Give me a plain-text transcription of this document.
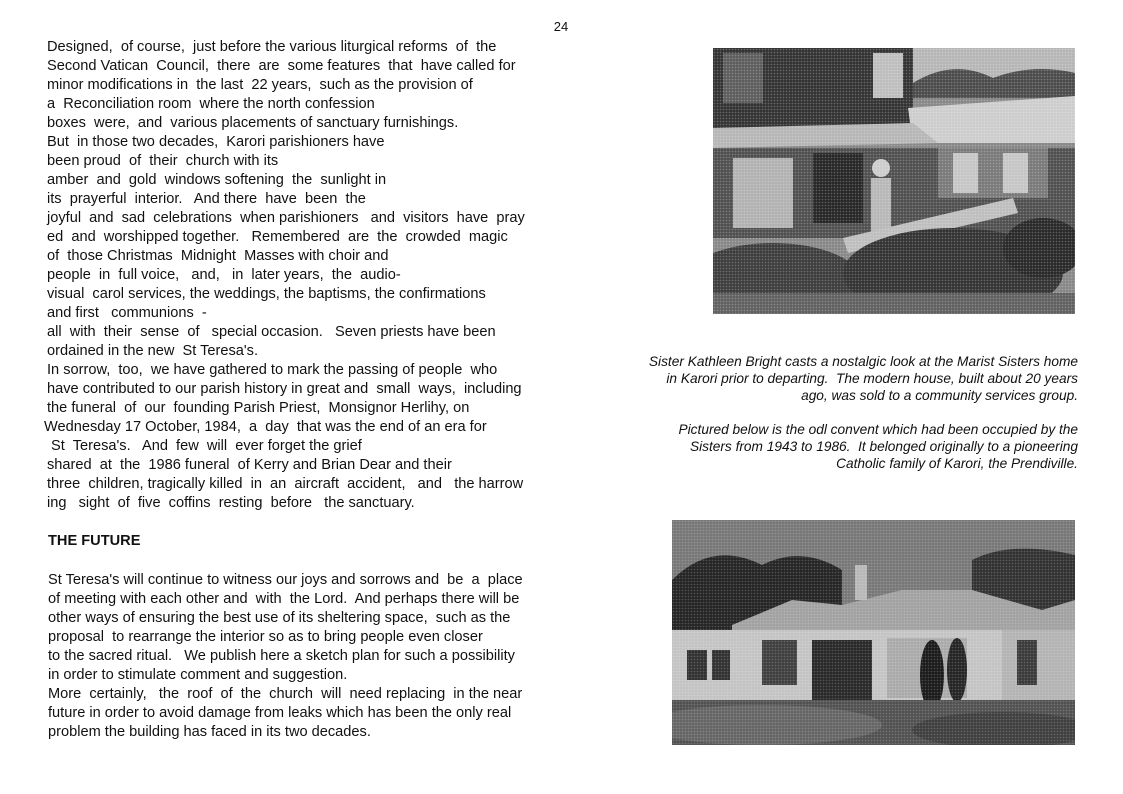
24
Designed,  of course,  just before the various liturgical reforms  of  the
Second Vatican  Council,  there  are  some features  that  have called for
minor modifications in  the last  22 years,  such as the provision of
a  Reconciliation room  where the north confession
boxes  were,  and  various placements of sanctuary furnishings.
But  in those two decades,  Karori parishioners have
been proud  of  their  church with its
amber  and  gold  windows softening  the  sunlight in
its  prayerful  interior.   And there  have  been  the
joyful  and  sad  celebrations  when parishioners   and  visitors  have  pray
ed  and  worshipped together.   Remembered  are  the  crowded  magic
of  those Christmas  Midnight  Masses with choir and
people  in  full voice,   and,   in  later years,  the  audio-
visual  carol services, the weddings, the baptisms, the confirmations
and first   communions  -
all  with  their  sense  of   special occasion.   Seven priests have been
ordained in the new  St Teresa's.
In sorrow,  too,  we have gathered to mark the passing of people  who
have contributed to our parish history in great and  small  ways,  including
the funeral  of  our  founding Parish Priest,  Monsignor Herlihy, on
Wednesday 17 October, 1984,  a  day  that was the end of an era for
St  Teresa's.   And  few  will  ever forget the grief
shared  at  the  1986 funeral  of Kerry and Brian Dear and their
three  children, tragically killed  in  an  aircraft  accident,   and   the harrow
ing   sight  of  five  coffins  resting  before   the sanctuary.
THE FUTURE
St Teresa's will continue to witness our joys and sorrows and  be  a  place
of meeting with each other and  with  the Lord.  And perhaps there will be
other ways of ensuring the best use of its sheltering space,  such as the
proposal  to rearrange the interior so as to bring people even closer
to the sacred ritual.   We publish here a sketch plan for such a possibility
in order to stimulate comment and suggestion.
More  certainly,   the  roof  of  the  church  will  need replacing  in the near
future in order to avoid damage from leaks which has been the only real
problem the building has faced in its two decades.
Sister Kathleen Bright casts a nostalgic look at the Marist Sisters home
in Karori prior to departing.  The modern house, built about 20 years
ago, was sold to a community services group.
Pictured below is the odl convent which had been occupied by the
Sisters from 1943 to 1986.  It belonged originally to a pioneering
Catholic family of Karori, the Prendiville.
